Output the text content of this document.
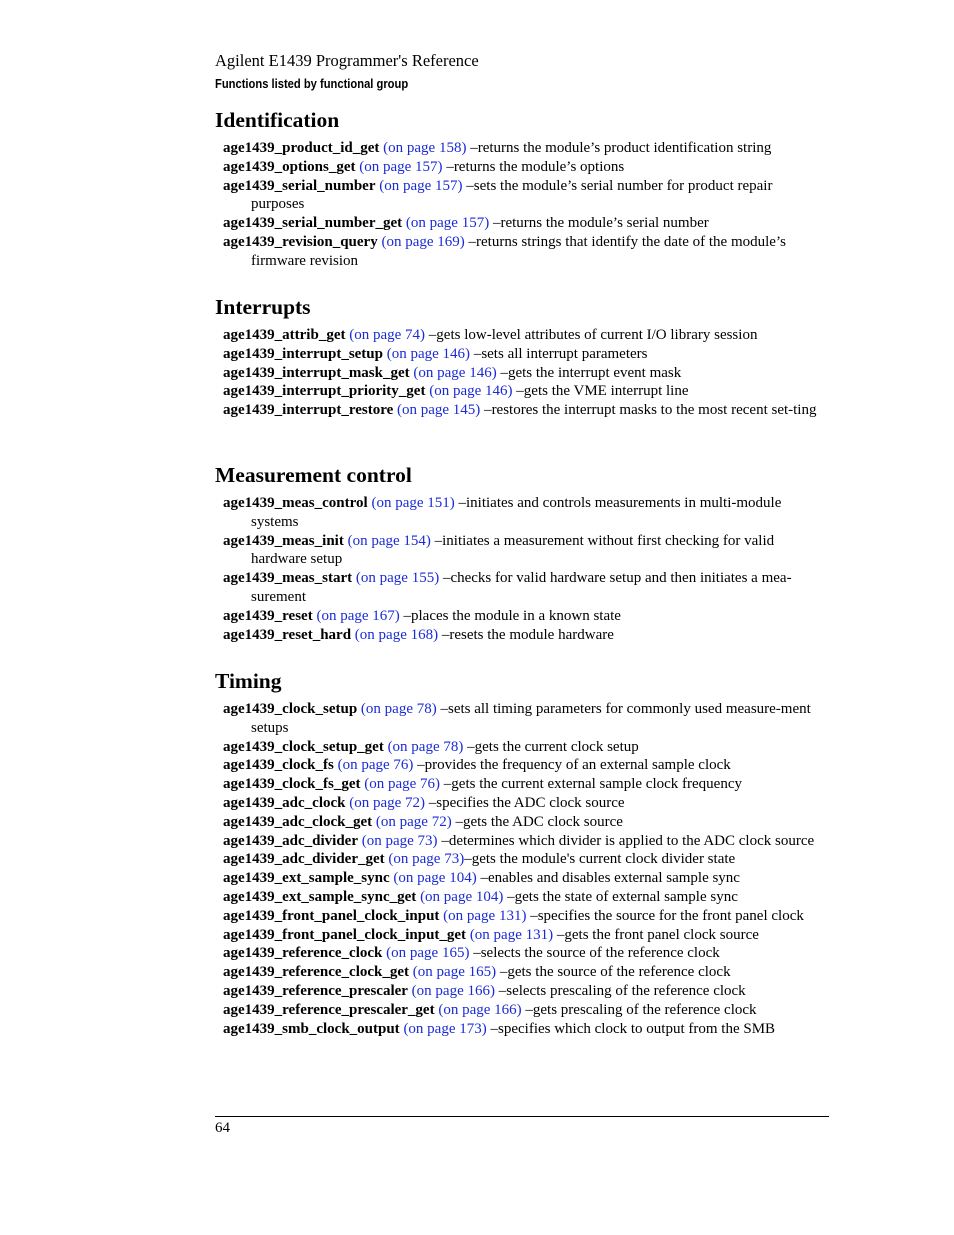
Agilent E1439 Programmer's Reference
Functions listed by functional group
Identification
age1439_product_id_get (on page 158) –returns the module’s product identification string
age1439_options_get (on page 157) –returns the module’s options
age1439_serial_number (on page 157) –sets the module’s serial number for product repair purposes
age1439_serial_number_get (on page 157) –returns the module’s serial number
age1439_revision_query (on page 169) –returns strings that identify the date of the module’s firmware revision
Interrupts
age1439_attrib_get (on page 74) –gets low-level attributes of current I/O library session
age1439_interrupt_setup (on page 146) –sets all interrupt parameters
age1439_interrupt_mask_get (on page 146) –gets the interrupt event mask
age1439_interrupt_priority_get (on page 146) –gets the VME interrupt line
age1439_interrupt_restore (on page 145) –restores the interrupt masks to the most recent set-ting
Measurement control
age1439_meas_control (on page 151) –initiates and controls measurements in multi-module systems
age1439_meas_init (on page 154) –initiates a measurement without first checking for valid hardware setup
age1439_meas_start (on page 155) –checks for valid hardware setup and then initiates a mea-surement
age1439_reset (on page 167) –places the module in a known state
age1439_reset_hard (on page 168) –resets the module hardware
Timing
age1439_clock_setup (on page 78) –sets all timing parameters for commonly used measure-ment setups
age1439_clock_setup_get (on page 78) –gets the current clock setup
age1439_clock_fs (on page 76) –provides the frequency of an external sample clock
age1439_clock_fs_get (on page 76) –gets the current external sample clock frequency
age1439_adc_clock (on page 72) –specifies the ADC clock source
age1439_adc_clock_get (on page 72) –gets the ADC clock source
age1439_adc_divider (on page 73) –determines which divider is applied to the ADC clock source
age1439_adc_divider_get (on page 73)–gets the module's current clock divider state
age1439_ext_sample_sync (on page 104) –enables and disables external sample sync
age1439_ext_sample_sync_get (on page 104) –gets the state of external sample sync
age1439_front_panel_clock_input (on page 131) –specifies the source for the front panel clock
age1439_front_panel_clock_input_get (on page 131) –gets the front panel clock source
age1439_reference_clock (on page 165) –selects the source of the reference clock
age1439_reference_clock_get (on page 165) –gets the source of the reference clock
age1439_reference_prescaler (on page 166) –selects prescaling of the reference clock
age1439_reference_prescaler_get (on page 166) –gets prescaling of the reference clock
age1439_smb_clock_output (on page 173) –specifies which clock to output from the SMB
64
